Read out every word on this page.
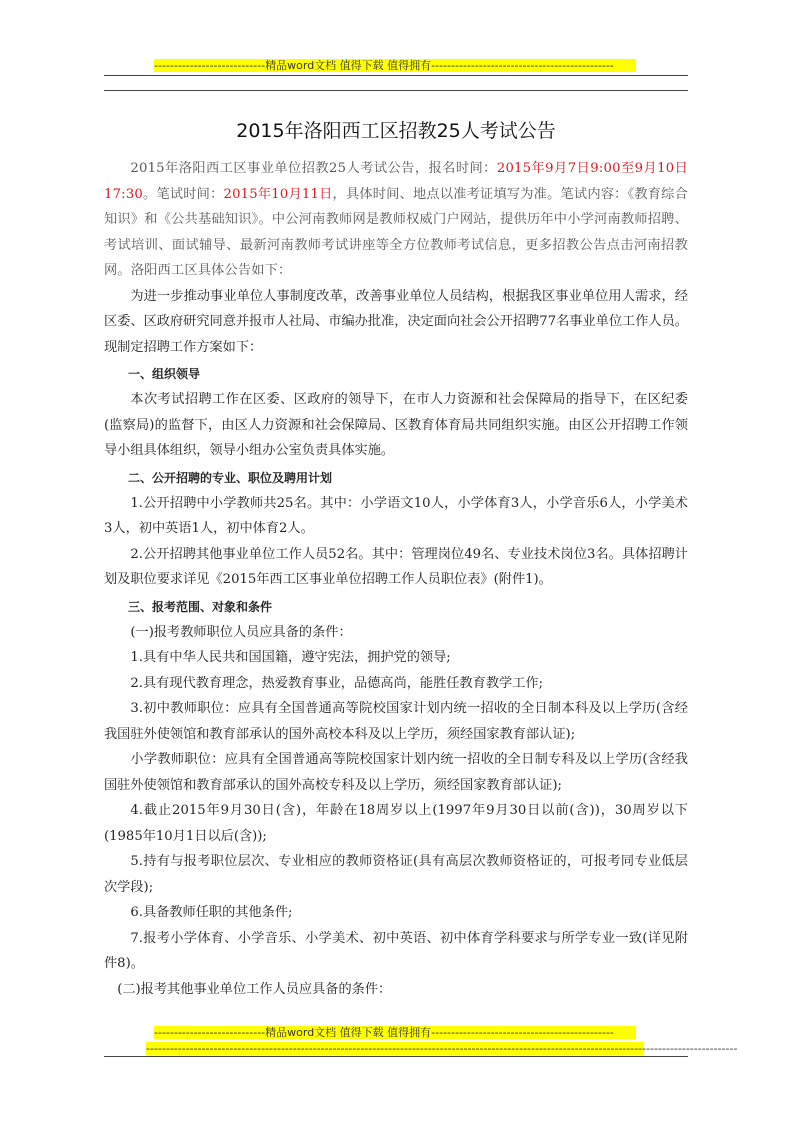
----------------------------精品word文档 值得下载 值得拥有----------------------------------------------
2015年洛阳西工区招教25人考试公告

2015年洛阳西工区事业单位招教25人考试公告，报名时间：2015年9月7日9:00至9月10日17:30。笔试时间：2015年10月11日，具体时间、地点以准考证填写为准。笔试内容：《教育综合知识》和《公共基础知识》。中公河南教师网是教师权威门户网站，提供历年中小学河南教师招聘、考试培训、面试辅导、最新河南教师考试讲座等全方位教师考试信息，更多招教公告点击河南招教网。洛阳西工区具体公告如下：

为进一步推动事业单位人事制度改革，改善事业单位人员结构，根据我区事业单位用人需求，经区委、区政府研究同意并报市人社局、市编办批准，决定面向社会公开招聘77名事业单位工作人员。现制定招聘工作方案如下：

一、组织领导

本次考试招聘工作在区委、区政府的领导下，在市人力资源和社会保障局的指导下，在区纪委(监察局)的监督下，由区人力资源和社会保障局、区教育体育局共同组织实施。由区公开招聘工作领导小组具体组织，领导小组办公室负责具体实施。

二、公开招聘的专业、职位及聘用计划

1.公开招聘中小学教师共25名。其中：小学语文10人，小学体育3人，小学音乐6人，小学美术3人，初中英语1人，初中体育2人。

2.公开招聘其他事业单位工作人员52名。其中：管理岗位49名、专业技术岗位3名。具体招聘计划及职位要求详见《2015年西工区事业单位招聘工作人员职位表》(附件1)。

三、报考范围、对象和条件

(一)报考教师职位人员应具备的条件：

1.具有中华人民共和国国籍，遵守宪法，拥护党的领导;

2.具有现代教育理念，热爱教育事业，品德高尚，能胜任教育教学工作;

3.初中教师职位：应具有全国普通高等院校国家计划内统一招收的全日制本科及以上学历(含经我国驻外使领馆和教育部承认的国外高校本科及以上学历，须经国家教育部认证);

小学教师职位：应具有全国普通高等院校国家计划内统一招收的全日制专科及以上学历(含经我国驻外使领馆和教育部承认的国外高校专科及以上学历，须经国家教育部认证);

4.截止2015年9月30日(含)，年龄在18周岁以上(1997年9月30日以前(含))，30周岁以下(1985年10月1日以后(含));

5.持有与报考职位层次、专业相应的教师资格证(具有高层次教师资格证的，可报考同专业低层次学段);

6.具备教师任职的其他条件;

7.报考小学体育、小学音乐、小学美术、初中英语、初中体育学科要求与所学专业一致(详见附件8)。

(二)报考其他事业单位工作人员应具备的条件：

----------------------------精品word文档 值得下载 值得拥有----------------------------------------------
-----------------------------------------------------------------------------------------------------------------------------------------------------
